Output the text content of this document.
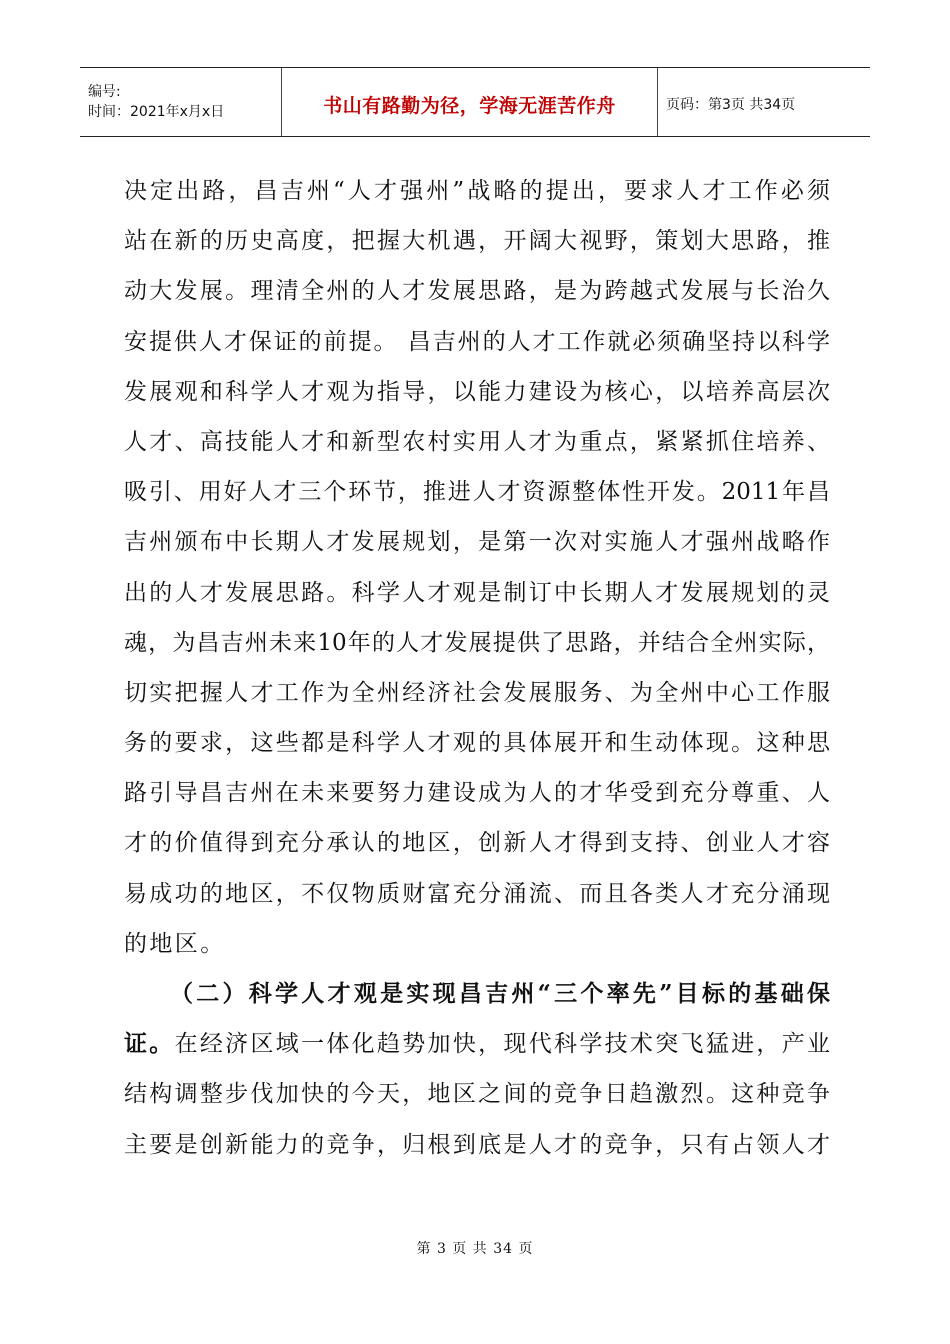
编号:
时间：2021年x月x日	书山有路勤为径，学海无涯苦作舟	页码：第3页 共34页
决定出路，昌吉州“人才强州”战略的提出，要求人才工作必须
站在新的历史高度，把握大机遇，开阔大视野，策划大思路，推
动大发展。理清全州的人才发展思路，是为跨越式发展与长治久
安提供人才保证的前提。 昌吉州的人才工作就必须确坚持以科学
发展观和科学人才观为指导，以能力建设为核心，以培养高层次
人才、高技能人才和新型农村实用人才为重点，紧紧抓住培养、
吸引、用好人才三个环节，推进人才资源整体性开发。2011年昌
吉州颁布中长期人才发展规划，是第一次对实施人才强州战略作
出的人才发展思路。科学人才观是制订中长期人才发展规划的灵
魂，为昌吉州未来10年的人才发展提供了思路，并结合全州实际，
切实把握人才工作为全州经济社会发展服务、为全州中心工作服
务的要求，这些都是科学人才观的具体展开和生动体现。这种思
路引导昌吉州在未来要努力建设成为人的才华受到充分尊重、人
才的价值得到充分承认的地区，创新人才得到支持、创业人才容
易成功的地区，不仅物质财富充分涌流、而且各类人才充分涌现
的地区。
（二）科学人才观是实现昌吉州“三个率先”目标的基础保
证。在经济区域一体化趋势加快，现代科学技术突飞猛进，产业
结构调整步伐加快的今天，地区之间的竞争日趋激烈。这种竞争
主要是创新能力的竞争，归根到底是人才的竞争，只有占领人才
第 3 页 共 34 页
